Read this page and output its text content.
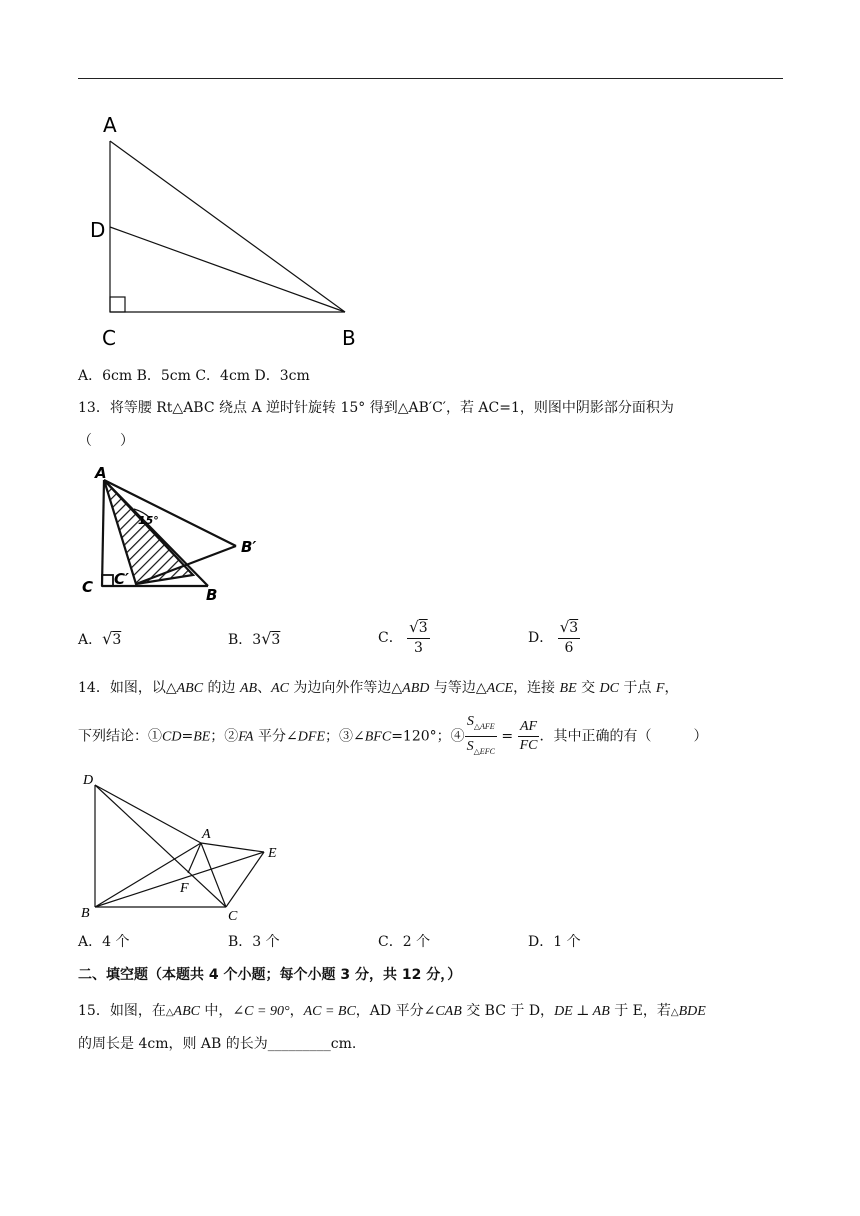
A
D
C	B
A．6cm B．5cm C．4cm D．3cm
13．将等腰 Rt△ABC 绕点 A 逆时针旋转 15° 得到△AB′C′，若 AC=1，则图中阴影部分面积为
（　　）
A
15°
B′
C C′
B
A．√3	B．3√3	C． $\frac{√3}{3}$	D． $\frac{√3}{6}$
14．如图，以△ABC 的边 AB、AC 为边向外作等边△ABD 与等边△ACE，连接 BE 交 DC 于点 F，
下列结论：①CD=BE；②FA 平分∠DFE；③∠BFC=120°；④ $\frac{S_{\triangle AFE}}{S_{\triangle EFC}} = \frac{AF}{FC}$ ．其中正确的有（　　　）
D
A
E
F
B	C
A．4 个	B．3 个	C．2 个	D．1 个
二、填空题（本题共 4 个小题；每个小题 3 分，共 12 分，）
15．如图，在△ABC 中，∠C = 90°，AC = BC，AD 平分∠CAB 交 BC 于 D，DE ⊥ AB 于 E，若△BDE
的周长是 4cm，则 AB 的长为_________cm.
